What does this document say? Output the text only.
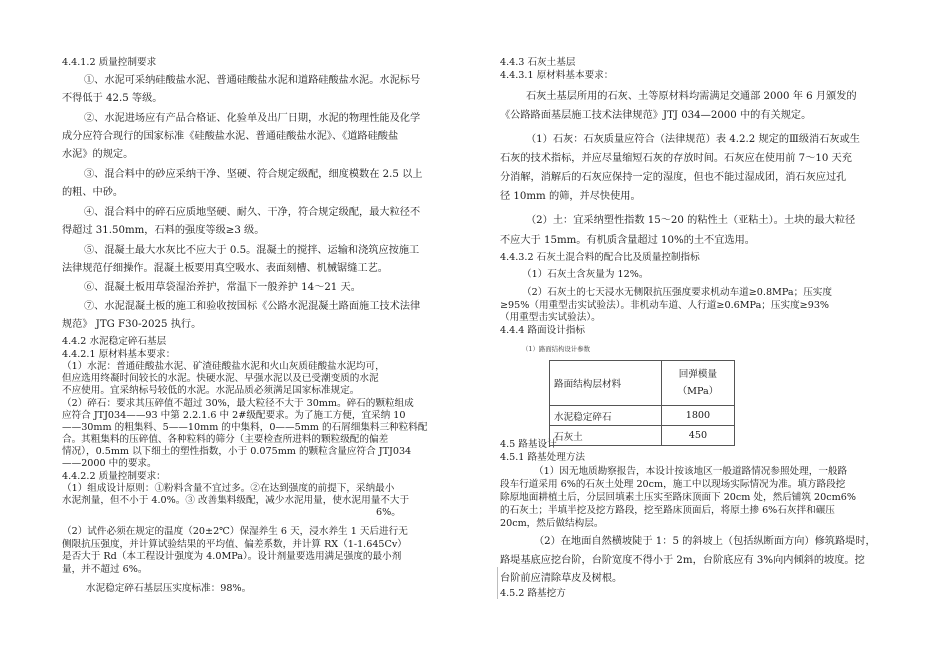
4.4.1.2 质量控制要求
①、水泥可采纳硅酸盐水泥、普通硅酸盐水泥和道路硅酸盐水泥。水泥标号
不得低于 42.5 等级。
②、水泥进场应有产品合格证、化验单及出厂日期，水泥的物理性能及化学
成分应符合现行的国家标准《硅酸盐水泥、普通硅酸盐水泥》、《道路硅酸盐
水泥》的规定。
③、混合料中的砂应采纳干净、坚硬、符合规定级配，细度模数在 2.5 以上
的粗、中砂。
④、混合料中的碎石应质地坚硬、耐久、干净，符合规定级配，最大粒径不
得超过 31.50mm，石料的强度等级≥3 级。
⑤、混凝土最大水灰比不应大于 0.5。混凝土的搅拌、运输和浇筑应按施工
法律规范仔细操作。混凝土板要用真空吸水、表面刻槽、机械锯缝工艺。
⑥、混凝土板用草袋湿治养护，常温下一般养护 14～21 天。
⑦、水泥混凝土板的施工和验收按国标《公路水泥混凝土路面施工技术法律
规范》 JTG F30-2025 执行。
4.4.2 水泥稳定碎石基层
4.4.2.1 原材料基本要求：
（1）水泥：普通硅酸盐水泥、矿渣硅酸盐水泥和火山灰质硅酸盐水泥均可，
但应选用终凝时间较长的水泥。快硬水泥、早强水泥以及已受潮变质的水泥
不应使用。宜采纳标号较低的水泥。水泥品质必须满足国家标准规定。
（2）碎石：要求其压碎值不超过 30%，最大粒径不大于 30mm。碎石的颗粒组成
应符合 JTJ034——93 中第 2.2.1.6 中 2#级配要求。为了施工方便，宜采纳 10
——30mm 的粗集料、5——10mm 的中集料，0——5mm 的石屑细集料三种粒料配
合。其粗集料的压碎值、各种粒料的筛分（主要检查所进料的颗粒级配的偏差
情况），0.5mm 以下细土的塑性指数，小于 0.075mm 的颗粒含量应符合 JTJ034
——2000 中的要求。
4.4.2.2 质量控制要求：
（1）组成设计原则：①粉料含量不宜过多。②在达到强度的前提下，采纳最小
水泥剂量，但不小于 4.0%。③ 改善集料级配，减少水泥用量，使水泥用量不大于
6%。
（2）试件必须在规定的温度（20±2℃）保湿养生 6 天，浸水养生 1 天后进行无
侧限抗压强度，并计算试验结果的平均值、偏差系数，并计算 RX（1-1.645Cv）
是否大于 Rd（本工程设计强度为 4.0MPa）。设计剂量要选用满足强度的最小剂
量，并不超过 6%。
水泥稳定碎石基层压实度标准：98%。
4.4.3 石灰土基层
4.4.3.1 原材料基本要求：
石灰土基层所用的石灰、土等原材料均需满足交通部 2000 年 6 月颁发的
《公路路面基层施工技术法律规范》JTJ 034—2000 中的有关规定。
（1）石灰：石灰质量应符合（法律规范）表 4.2.2 规定的Ⅲ级消石灰或生
石灰的技术指标，并应尽量缩短石灰的存放时间。石灰应在使用前 7～10 天充
分消解，消解后的石灰应保持一定的湿度，但也不能过湿成团，消石灰应过孔
径 10mm 的筛，并尽快使用。
（2）土：宜采纳塑性指数 15～20 的粘性土（亚粘土）。土块的最大粒径
不应大于 15mm。有机质含量超过 10%的土不宜选用。
4.4.3.2 石灰土混合料的配合比及质量控制指标
（1）石灰土含灰量为 12%。
（2）石灰土的七天浸水无侧限抗压强度要求机动车道≥0.8MPa；压实度
≥95%（用重型击实试验法）。非机动车道、人行道≥0.6MPa；压实度≥93%
（用重型击实试验法）。
4.4.4 路面设计指标
（1）路面结构设计参数
4.5 路基设计
4.5.1 路基处理方法
（1）因无地质勘察报告，本设计按该地区一般道路情况参照处理，一般路
段车行道采用 6%的石灰土处理 20cm，施工中以现场实际情况为准。填方路段挖
除原地面耕植土后，分层回填素土压实至路床顶面下 20cm 处，然后铺筑 20cm6%
的石灰土；半填半挖及挖方路段，挖至路床顶面后，将原土掺 6%石灰拌和碾压
20cm，然后做结构层。
（2）在地面自然横坡陡于 1：5 的斜坡上（包括纵断面方向）修筑路堤时，
路堤基底应挖台阶，台阶宽度不得小于 2m，台阶底应有 3%向内倾斜的坡度。挖
台阶前应清除草皮及树根。
4.5.2 路基挖方
路面结构层材料	回弹模量
（MPa）

水泥稳定碎石	1800
石灰土	450
